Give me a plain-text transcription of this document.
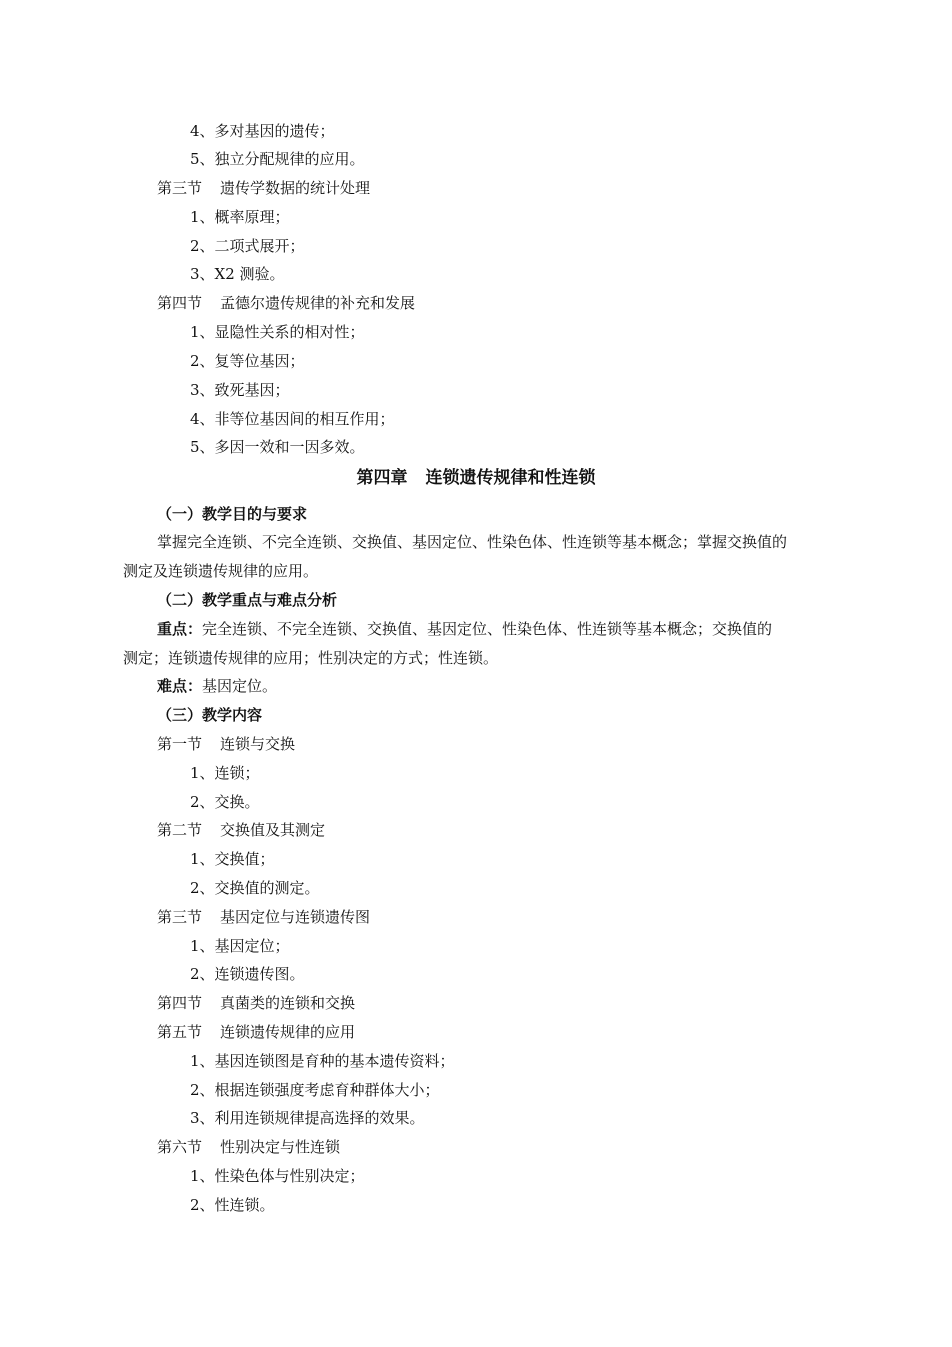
4、多对基因的遗传；
5、独立分配规律的应用。
第三节 遗传学数据的统计处理
1、概率原理；
2、二项式展开；
3、X2 测验。
第四节 孟德尔遗传规律的补充和发展
1、显隐性关系的相对性；
2、复等位基因；
3、致死基因；
4、非等位基因间的相互作用；
5、多因一效和一因多效。
第四章 连锁遗传规律和性连锁
（一）教学目的与要求
掌握完全连锁、不完全连锁、交换值、基因定位、性染色体、性连锁等基本概念；掌握交换值的
测定及连锁遗传规律的应用。
（二）教学重点与难点分析
重点：完全连锁、不完全连锁、交换值、基因定位、性染色体、性连锁等基本概念；交换值的
测定；连锁遗传规律的应用；性别决定的方式；性连锁。
难点：基因定位。
（三）教学内容
第一节 连锁与交换
1、连锁；
2、交换。
第二节 交换值及其测定
1、交换值；
2、交换值的测定。
第三节 基因定位与连锁遗传图
1、基因定位；
2、连锁遗传图。
第四节 真菌类的连锁和交换
第五节 连锁遗传规律的应用
1、基因连锁图是育种的基本遗传资料；
2、根据连锁强度考虑育种群体大小；
3、利用连锁规律提高选择的效果。
第六节 性别决定与性连锁
1、性染色体与性别决定；
2、性连锁。
